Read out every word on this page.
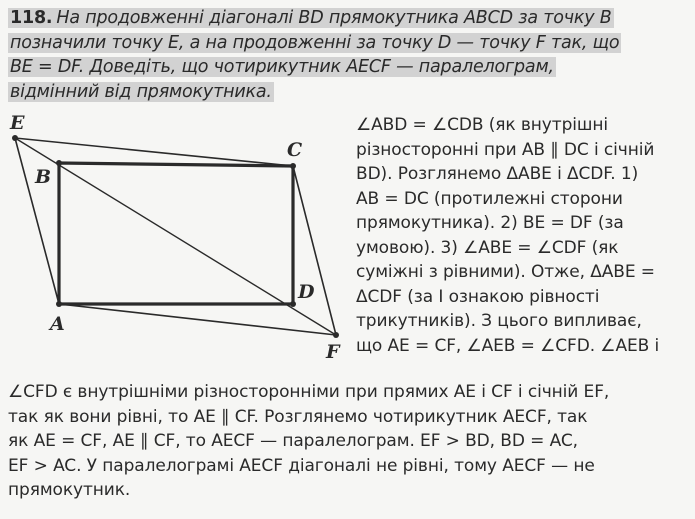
118. На продовженні діагоналі BD прямокутника ABCD за точку B
позначили точку E, а на продовженні за точку D — точку F так, що
BE = DF. Доведіть, що чотирикутник AECF — паралелограм,
відмінний від прямокутника.
E
B
C
D
A
F
∠ABD = ∠CDB (як внутрішні
різносторонні при AB ∥ DC і січній
BD). Розглянемо ΔABE і ΔCDF. 1)
AB = DC (протилежні сторони
прямокутника). 2) BE = DF (за
умовою). 3) ∠ABE = ∠CDF (як
суміжні з рівними). Отже, ΔABE =
ΔCDF (за I ознакою рівності
трикутників). З цього випливає,
що AE = CF, ∠AEB = ∠CFD. ∠AEB і
∠CFD є внутрішніми різносторонніми при прямих AE і CF і січній EF,
так як вони рівні, то AE ∥ CF. Розглянемо чотирикутник AECF, так
як AE = CF, AE ∥ CF, то AECF — паралелограм. EF > BD, BD = AC,
EF > AC. У паралелограмі AECF діагоналі не рівні, тому AECF — не
прямокутник.
